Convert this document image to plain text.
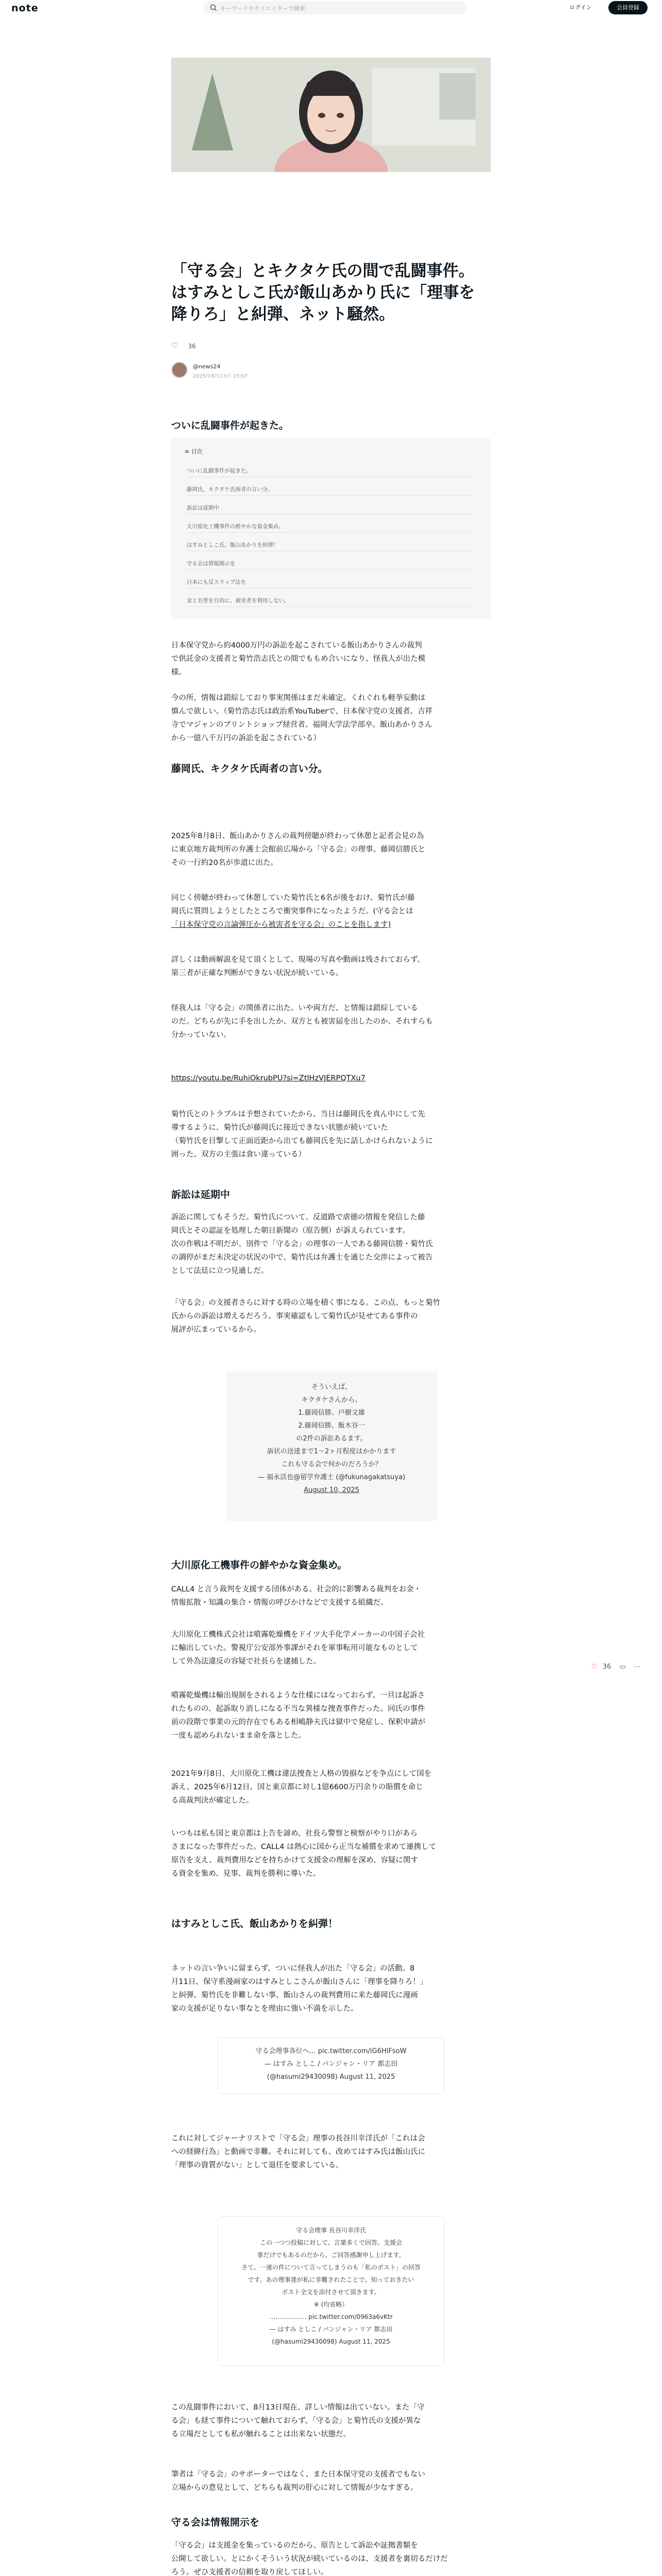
note	キーワードやクリエイターで検索	ログイン	会員登録
「守る会」とキクタケ氏の間で乱闘事件。
はすみとしこ氏が飯山あかり氏に「理事を
降りろ」と糾弾、ネット騒然。
♡ 36
@news24
2025年8月13日 15:07
ついに乱闘事件が起きた。
≡ 目次
ついに乱闘事件が起きた。
藤岡氏、キクタケ氏両者の言い分。
訴訟は延期中
大川原化工機事件の鮮やかな資金集め。
はすみとしこ氏、飯山あかりを糾弾！
守る会は情報開示を
日本にも反スラップ法を
金と名誉を目的に、被害者を利用しない。
日本保守党から約4000万円の訴訟を起こされている飯山あかりさんの裁判
で供託金の支援者と菊竹浩志氏との間でももめ合いになり、怪我人が出た模
様。
今の所、情報は錯綜しており事実関係はまだ未確定。くれぐれも軽挙妄動は
慎んで欲しい。（菊竹浩志氏は政治系YouTuberで、日本保守党の支援者。吉祥
寺でマジャンのブリントショップ経営者。福岡大学法学部卒。飯山あかりさん
から一億八千万円の訴訟を起こされている）
藤岡氏、キクタケ氏両者の言い分。
2025年8月8日、飯山あかりさんの裁判傍聴が終わって休憩と記者会見の為
に東京地方裁判所の弁護士会館前広場から「守る会」の理事、藤岡信勝氏と
その一行約20名が歩道に出た。
同じく傍聴が終わって休憩していた菊竹氏と6名が後をおけ、菊竹氏が藤
岡氏に質問しようとしたところで衝突事件になったようだ。(守る会とは
「日本保守党の言論弾圧から被害者を守る会」のことを指します)
詳しくは動画解説を見て頂くとして、現場の写真や動画は残されておらず、
第三者が正確な判断ができない状況が続いている。
怪我人は「守る会」の関係者に出た。いや両方だ、と情報は錯綜している
のだ。どちらが先に手を出したか、双方とも被害届を出したのか、それすらも
分かっていない。
https://youtu.be/RuhiOkrubPU?si=ZtlHzVJERPQTXu7
菊竹氏とのトラブルは予想されていたから、当日は藤岡氏を真ん中にして先
導するように、菊竹氏が藤岡氏に接近できない状態が続いていた
（菊竹氏を目撃して正面近距から出ても藤岡氏を先に話しかけられないように
囲った。双方の主張は食い違っている）
訴訟は延期中
訴訟に関してもそうだ。菊竹氏について、反道路で虐徳の情報を発信した藤
岡氏とその認証を処理した朝日新聞の（原告側）が訴えられています。
次の作戦は不明だが、別件で「守る会」の理事の一人である藤岡信勝・菊竹氏
の調停がまだ未決定の状況の中で、菊竹氏は弁護士を通じた交渉によって被告
として法廷に立つ見通しだ。
「守る会」の支援者さらに対する時の立場を積く事になる。この点、もっと菊竹
氏からの訴訟は増えるだろう。事実確認もして菊竹氏が見せてある事件の
展評が広まっているから。
そういえば、
キクタケさんから、
1.藤岡信勝、戸樹文雄
2.藤岡信勝、飯木谷一
の2件の訴訟あるます。
訴状の送達まで1～2ヶ月程度はかかります
これも守る会で何かのだろうか？
— 福永活也@留学弁護士 (@fukunagakatsuya)
August 10, 2025
大川原化工機事件の鮮やかな資金集め。
CALL4 と言う裁判を支援する団体がある。社会的に影響ある裁判をお金・
情報拡散・知識の集合・情報の呼びかけなどで支援する組織だ。
大川原化工機株式会社は噴霧乾燥機をドイツ大手化学メーカーの中国子会社
に輸出していた。警視庁公安部外事課がそれを軍事転用可能なものとして
して外為法違反の容疑で社長らを逮捕した。
噴霧乾燥機は輸出規制をされるような仕様にはなっておらず、一旦は起訴さ
れたものの、起訴取り消しになる不当な異様な捜査事件だった。同氏の事件
前の段階で事業の元的存在でもある相嶋静夫氏は獄中で発症し、保釈申請が
一度も認められないまま命を落とした。
2021年9月8日、大川原化工機は違法捜査と人格の毀損などを争点にして国を
訴え、2025年6月12日、国と東京都に対し1億6600万円余りの賠償を命じ
る高裁判決が確定した。
いつもは私も国と東京都は上告を諦め、社長ら警察と検察がやり口があら
さまになった事件だった。CALL4 は熱心に国から正当な補償を求めて連携して
原告を支え、裁判費用などを持ちかけて支援金の理解を深め、容疑に関す
る資金を集め、見事、裁判を勝利に導いた。
はすみとしこ氏、飯山あかりを糾弾！
ネットの言い争いに留まらず、ついに怪我人が出た「守る会」の活動。8
月11日、保守系漫画家のはすみとしこさんが飯山さんに「理事を降りろ！」
と糾弾、菊竹氏を非難しない事、飯山さんの裁判費用に来た藤岡氏に漫画
家の支援が足りない事なとを理由に強い不満を示した。
守る会理事各位へ… pic.twitter.com/iG6HlFsoW
— はすみ としこ / バンジャン・リア 都志田
(@hasumi29430098) August 11, 2025
これに対してジャーナリストで「守る会」理事の長谷川幸洋氏が「これは会
への経緯行為」と動画で非難。それに対しても、改めてはすみ氏は飯山氏に
「理事の資質がない」として退任を要求している。
守る会理事 長谷川幸洋氏
この一つつ投稿に対して、言葉多くで回答。支援会
事だけでもあるのだから、ご回答感謝申し上げます。
さて、一連の件について言ってしまうのも「私のポスト」の回答
です。あの理事達が私に非難されたことで、知っておきたい
ポスト全文を添付させて頂きます。
※ (均省略）
……………… pic.twitter.com/0963a6vKtr
— はすみ としこ / バンジャン・リア 都志田
(@hasumi29430098) August 11, 2025
この乱闘事件において、8月13日現在、詳しい情報は出ていない。また「守
る会」も経て事件について触れておらず、「守る会」と菊竹氏の支援が異な
る立場だとしても私が触れることは出来ない状態だ。
筆者は「守る会」のサポーターではなく、また日本保守党の支援者でもない
立場からの意見として、どちらも裁判の肝心に対して情報が少なすぎる。
守る会は情報開示を
「守る会」は支援金を集っているのだから、原告として訴訟や証拠書類を
公開して欲しい。とにかくそういう状況が続いているのは、支援者を裏切るだけだ
ろう。ぜひ支援者の信頼を取り戻してほしい。
♡ 36 ▭ ⋯
